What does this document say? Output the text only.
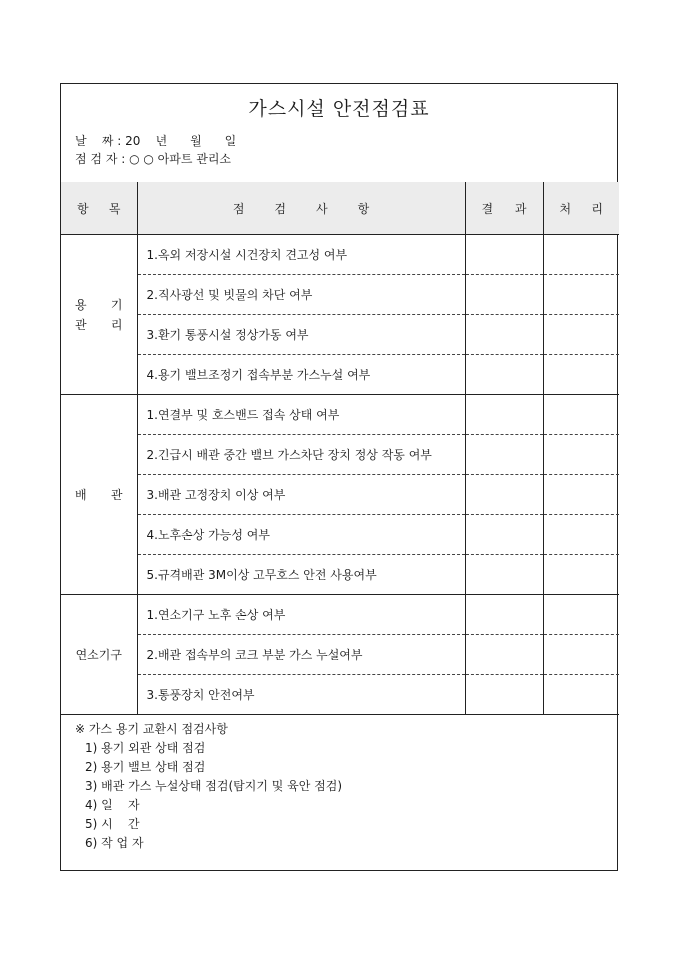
가스시설 안전점검표
날    짜 : 20    년      월      일
점 검 자 : ○ ○ 아파트 관리소
항 목	점 검 사 항	결 과	처 리

용 기
관 리	1.옥외 저장시설 시건장치 견고성 여부		
	2.직사광선 및 빗물의 차단 여부		
	3.환기 통풍시설 정상가동 여부		
	4.용기 밸브조정기 접속부분 가스누설 여부		

배 관	1.연결부 및 호스밴드 접속 상태 여부		

	2.긴급시 배관 중간 밸브 가스차단 장치 정상 작동 여부		

	3.배관 고정장치 이상 여부		
	4.노후손상 가능성 여부		
	5.규격배관 3M이상 고무호스 안전 사용여부		

연소기구	1.연소기구 노후 손상 여부		
	2.배관 접속부의 코크 부분 가스 누설여부		
	3.통풍장치 안전여부		
※ 가스 용기 교환시 점검사항
1) 용기 외관 상태 점검
2) 용기 밸브 상태 점검
3) 배관 가스 누설상태 점검(탐지기 및 육안 점검)
4) 일    자
5) 시    간
6) 작 업 자
